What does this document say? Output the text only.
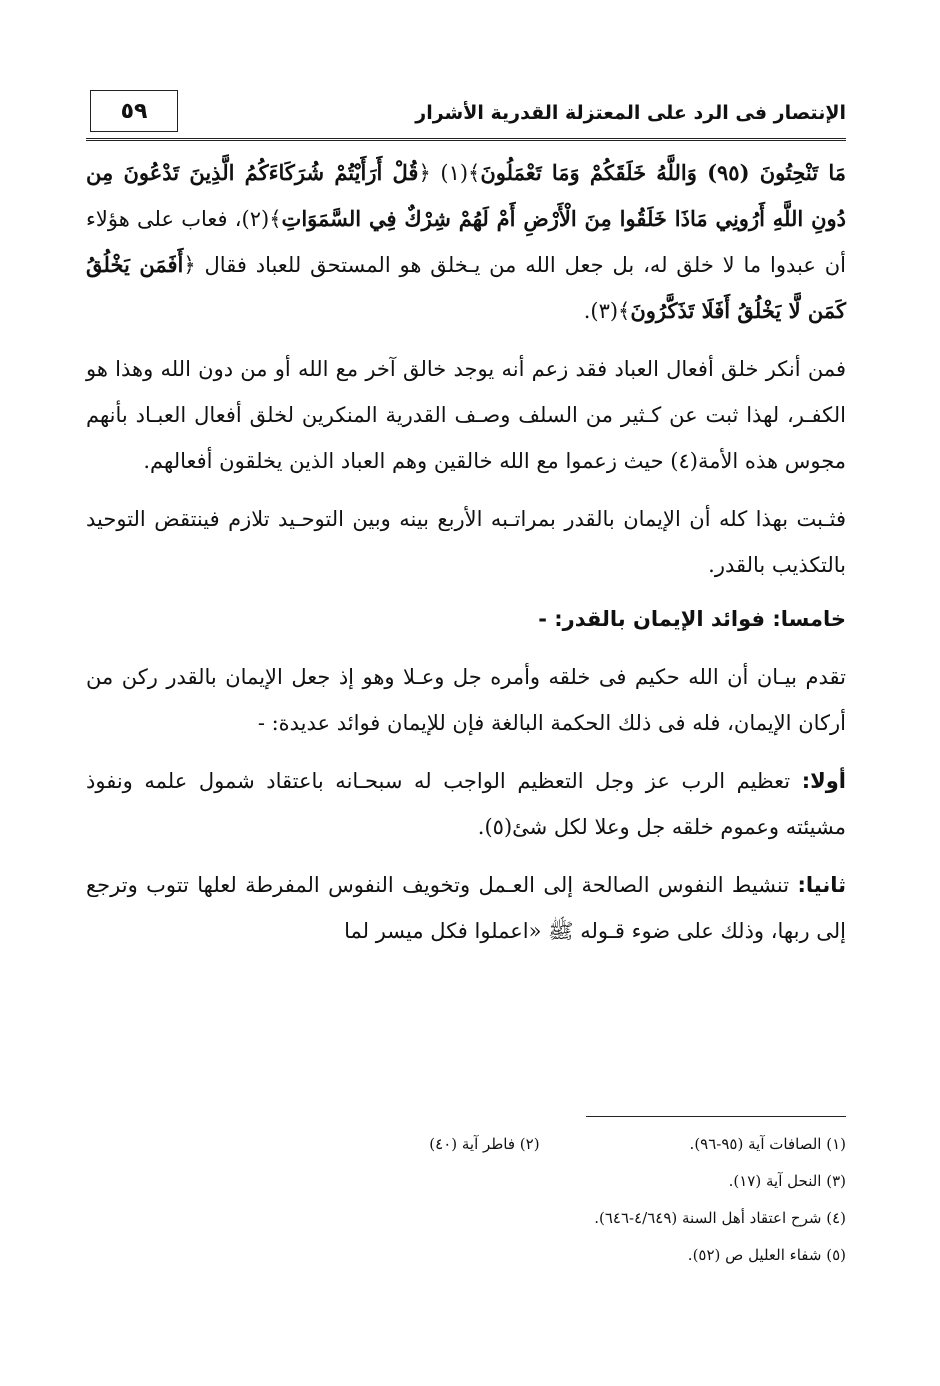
٥٩	الإنتصار فى الرد على المعتزلة القدرية الأشرار

مَا تَنْحِتُونَ (٩٥) وَاللَّهُ خَلَقَكُمْ وَمَا تَعْمَلُونَ﴾(١) ﴿قُلْ أَرَأَيْتُمْ شُرَكَاءَكُمُ الَّذِينَ تَدْعُونَ مِن دُونِ اللَّهِ أَرُونِي مَاذَا خَلَقُوا مِنَ الْأَرْضِ أَمْ لَهُمْ شِرْكٌ فِي السَّمَوَاتِ﴾(٢)، فعاب على هؤلاء أن عبدوا ما لا خلق له، بل جعل الله من يـخلق هو المستحق للعباد فقال ﴿أَفَمَن يَخْلُقُ كَمَن لَّا يَخْلُقُ أَفَلَا تَذَكَّرُونَ﴾(٣).

فمن أنكر خلق أفعال العباد فقد زعم أنه يوجد خالق آخر مع الله أو من دون الله وهذا هو الكفـر، لهذا ثبت عن كـثير من السلف وصـف القدرية المنكرين لخلق أفعال العبـاد بأنهم مجوس هذه الأمة(٤) حيث زعموا مع الله خالقين وهم العباد الذين يخلقون أفعالهم.

فثـبت بهذا كله أن الإيمان بالقدر بمراتـبه الأربع بينه وبين التوحـيد تلازم فينتقض التوحيد بالتكذيب بالقدر.

خامسا: فوائد الإيمان بالقدر: -

تقدم بيـان أن الله حكيم فى خلقه وأمره جل وعـلا وهو إذ جعل الإيمان بالقدر ركن من أركان الإيمان، فله فى ذلك الحكمة البالغة فإن للإيمان فوائد عديدة: -

أولا: تعظيم الرب عز وجل التعظيم الواجب له سبحـانه باعتقاد شمول علمه ونفوذ مشيئته وعموم خلقه جل وعلا لكل شئ(٥).

ثانيا: تنشيط النفوس الصالحة إلى العـمل وتخويف النفوس المفرطة لعلها تتوب وترجع إلى ربها، وذلك على ضوء قـوله ﷺ «اعملوا فكل ميسر لما

(١) الصافات آية (٩٥-٩٦).
(٢) فاطر آية (٤٠)
(٣) النحل آية (١٧).
(٤) شرح اعتقاد أهل السنة (٤/٦٤٩-٦٤٦).
(٥) شفاء العليل ص (٥٢).
